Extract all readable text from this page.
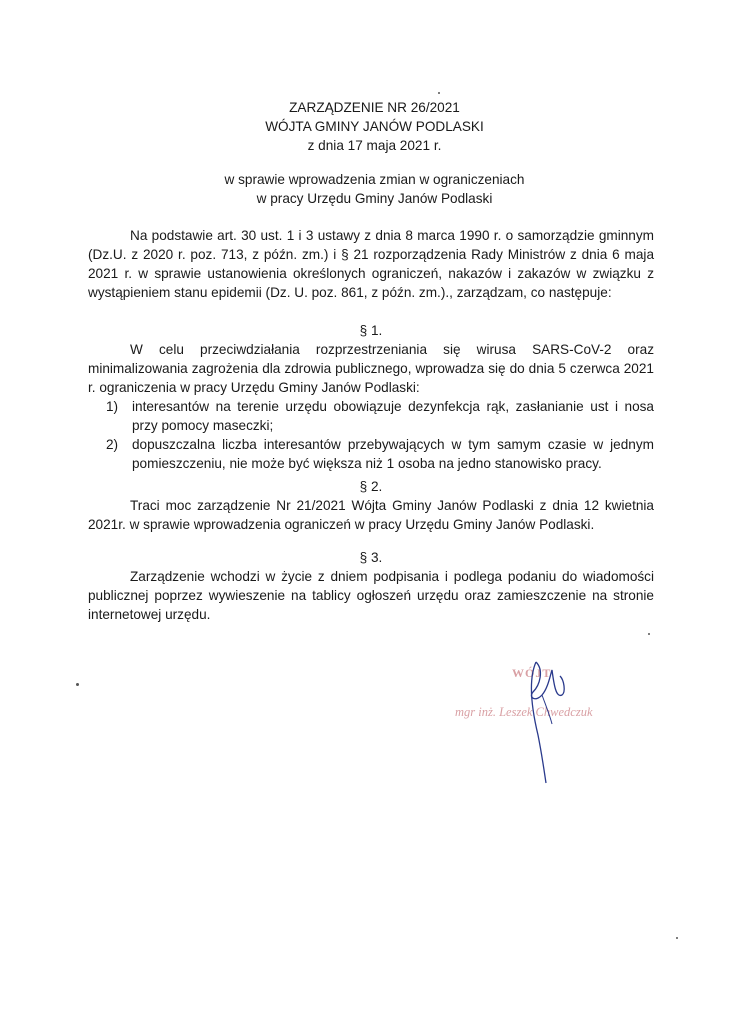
ZARZĄDZENIE NR 26/2021
WÓJTA GMINY JANÓW PODLASKI
z dnia 17 maja 2021 r.
w sprawie wprowadzenia zmian w ograniczeniach
w pracy Urzędu Gminy Janów Podlaski

Na podstawie art. 30 ust. 1 i 3 ustawy z dnia 8 marca 1990 r. o samorządzie gminnym (Dz.U. z 2020 r. poz. 713, z późn. zm.) i § 21 rozporządzenia Rady Ministrów z dnia 6 maja 2021 r. w sprawie ustanowienia określonych ograniczeń, nakazów i zakazów w związku z wystąpieniem stanu epidemii (Dz. U. poz. 861, z późn. zm.)., zarządzam, co następuje:

§ 1.

W celu przeciwdziałania rozprzestrzeniania się wirusa SARS-CoV-2 oraz minimalizowania zagrożenia dla zdrowia publicznego, wprowadza się do dnia 5 czerwca 2021 r. ograniczenia w pracy Urzędu Gminy Janów Podlaski:

1) interesantów na terenie urzędu obowiązuje dezynfekcja rąk, zasłanianie ust i nosa przy pomocy maseczki;
2) dopuszczalna liczba interesantów przebywających w tym samym czasie w jednym pomieszczeniu, nie może być większa niż 1 osoba na jedno stanowisko pracy.

§ 2.

Traci moc zarządzenie Nr 21/2021 Wójta Gminy Janów Podlaski z dnia 12 kwietnia 2021r. w sprawie wprowadzenia ograniczeń w pracy Urzędu Gminy Janów Podlaski.

§ 3.

Zarządzenie wchodzi w życie z dniem podpisania i podlega podaniu do wiadomości publicznej poprzez wywieszenie na tablicy ogłoszeń urzędu oraz zamieszczenie na stronie internetowej urzędu.

WÓJT
mgr inż. Leszek Chwedczuk
